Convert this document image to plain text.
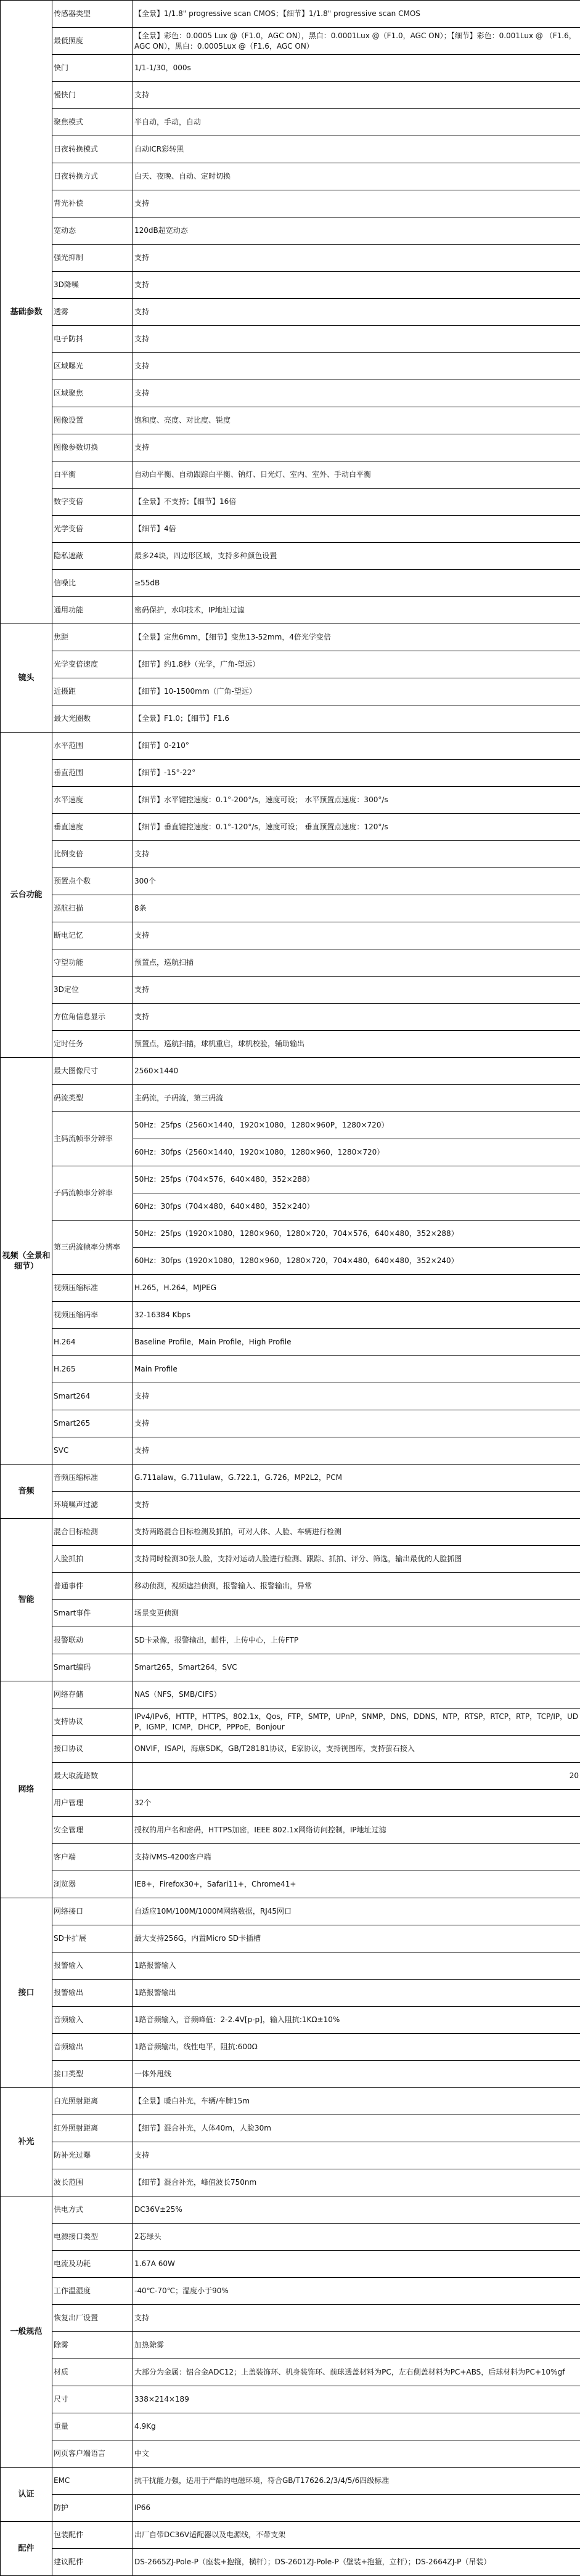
基础参数	传感器类型	【全景】1/1.8" progressive scan CMOS；【细节】1/1.8" progressive scan CMOS
	最低照度	【全景】彩色：0.0005 Lux @（F1.0，AGC ON），黑白：0.0001Lux @（F1.0，AGC ON）；【细节】彩色：0.001Lux @ （F1.6，AGC ON），黑白：0.0005Lux @（F1.6，AGC ON）
	快门	1/1-1/30，000s
	慢快门	支持
	聚焦模式	半自动，手动，自动
	日夜转换模式	自动ICR彩转黑
	日夜转换方式	白天、夜晚、自动、定时切换
	背光补偿	支持
	宽动态	120dB超宽动态
	强光抑制	支持
	3D降噪	支持
	透雾	支持
	电子防抖	支持
	区域曝光	支持
	区域聚焦	支持
	图像设置	饱和度、亮度、对比度、锐度
	图像参数切换	支持
	白平衡	自动白平衡、自动跟踪白平衡、钠灯、日光灯、室内、室外、手动白平衡
	数字变倍	【全景】不支持；【细节】16倍
	光学变倍	【细节】4倍
	隐私遮蔽	最多24块，四边形区域，支持多种颜色设置
	信噪比	≥55dB
	通用功能	密码保护，水印技术，IP地址过滤
镜头	焦距	【全景】定焦6mm，【细节】变焦13-52mm，4倍光学变倍
	光学变倍速度	【细节】约1.8秒（光学，广角-望远）
	近摄距	【细节】10-1500mm（广角-望远）
	最大光圈数	【全景】F1.0；【细节】F1.6
云台功能	水平范围	【细节】0-210°
	垂直范围	【细节】-15°-22°
	水平速度	【细节】水平键控速度：0.1°-200°/s，速度可设； 水平预置点速度：300°/s
	垂直速度	【细节】垂直键控速度：0.1°-120°/s，速度可设； 垂直预置点速度：120°/s
	比例变倍	支持
	预置点个数	300个
	巡航扫描	8条
	断电记忆	支持
	守望功能	预置点，巡航扫描
	3D定位	支持
	方位角信息显示	支持
	定时任务	预置点，巡航扫描，球机重启，球机校验，辅助输出
视频（全景和细节）	最大图像尺寸	2560×1440
	码流类型	主码流，子码流，第三码流
	主码流帧率分辨率	50Hz：25fps（2560×1440，1920×1080，1280×960P，1280×720）
		60Hz：30fps（2560×1440，1920×1080，1280×960，1280×720）
	子码流帧率分辨率	50Hz：25fps（704×576，640×480，352×288）
		60Hz：30fps（704×480，640×480，352×240）
	第三码流帧率分辨率	50Hz：25fps（1920×1080，1280×960，1280×720，704×576，640×480，352×288）
		60Hz：30fps（1920×1080，1280×960，1280×720，704×480，640×480，352×240）
	视频压缩标准	H.265，H.264，MJPEG
	视频压缩码率	32-16384 Kbps
	H.264	Baseline Profile，Main Profile，High Profile
	H.265	Main Profile
	Smart264	支持
	Smart265	支持
	SVC	支持
音频	音频压缩标准	G.711alaw，G.711ulaw，G.722.1，G.726，MP2L2，PCM
	环境噪声过滤	支持
智能	混合目标检测	支持两路混合目标检测及抓拍，可对人体、人脸、车辆进行检测
	人脸抓拍	支持同时检测30张人脸，支持对运动人脸进行检测、跟踪、抓拍、评分、筛选，输出最优的人脸抓图
	普通事件	移动侦测，视频遮挡侦测，报警输入、报警输出，异常
	Smart事件	场景变更侦测
	报警联动	SD卡录像，报警输出，邮件，上传中心，上传FTP
	Smart编码	Smart265，Smart264，SVC
网络	网络存储	NAS（NFS，SMB/CIFS）
	支持协议	IPv4/IPv6，HTTP，HTTPS，802.1x，Qos，FTP，SMTP，UPnP，SNMP，DNS，DDNS，NTP，RTSP，RTCP，RTP，TCP/IP，UDP，IGMP，ICMP，DHCP，PPPoE，Bonjour
	接口协议	ONVIF，ISAPI，海康SDK，GB/T28181协议，E家协议，支持视图库，支持萤石接入
	最大取流路数	20
	用户管理	32个
	安全管理	授权的用户名和密码，HTTPS加密，IEEE 802.1x网络访问控制，IP地址过滤
	客户端	支持iVMS-4200客户端
	浏览器	IE8+，Firefox30+，Safari11+，Chrome41+
接口	网络接口	自适应10M/100M/1000M网络数据，RJ45网口
	SD卡扩展	最大支持256G，内置Micro SD卡插槽
	报警输入	1路报警输入
	报警输出	1路报警输出
	音频输入	1路音频输入，音频峰值：2-2.4V[p-p]，输入阻抗:1KΩ±10%
	音频输出	1路音频输出，线性电平，阻抗:600Ω
	接口类型	一体外甩线
补光	白光照射距离	【全景】暖白补光，车辆/车牌15m
	红外照射距离	【细节】混合补光，人体40m，人脸30m
	防补光过曝	支持
	波长范围	【细节】混合补光，峰值波长750nm
一般规范	供电方式	DC36V±25%
	电源接口类型	2芯绿头
	电流及功耗	1.67A 60W
	工作温湿度	-40℃-70℃；湿度小于90%
	恢复出厂设置	支持
	除雾	加热除雾
	材质	大部分为金属：铝合金ADC12；上盖装饰环、机身装饰环、前球透盖材料为PC，左右侧盖材料为PC+ABS，后球材料为PC+10%gf
	尺寸	338×214×189
	重量	4.9Kg
	网页客户端语言	中文
认证	EMC	抗干扰能力强，适用于严酷的电磁环境，符合GB/T17626.2/3/4/5/6四级标准
	防护	IP66
配件	包装配件	出厂自带DC36V适配器以及电源线，不带支架
	建议配件	DS-2665ZJ-Pole-P（座装+抱箍，横杆）；DS-2601ZJ-Pole-P（壁装+抱箍，立杆）；DS-2664ZJ-P（吊装）
